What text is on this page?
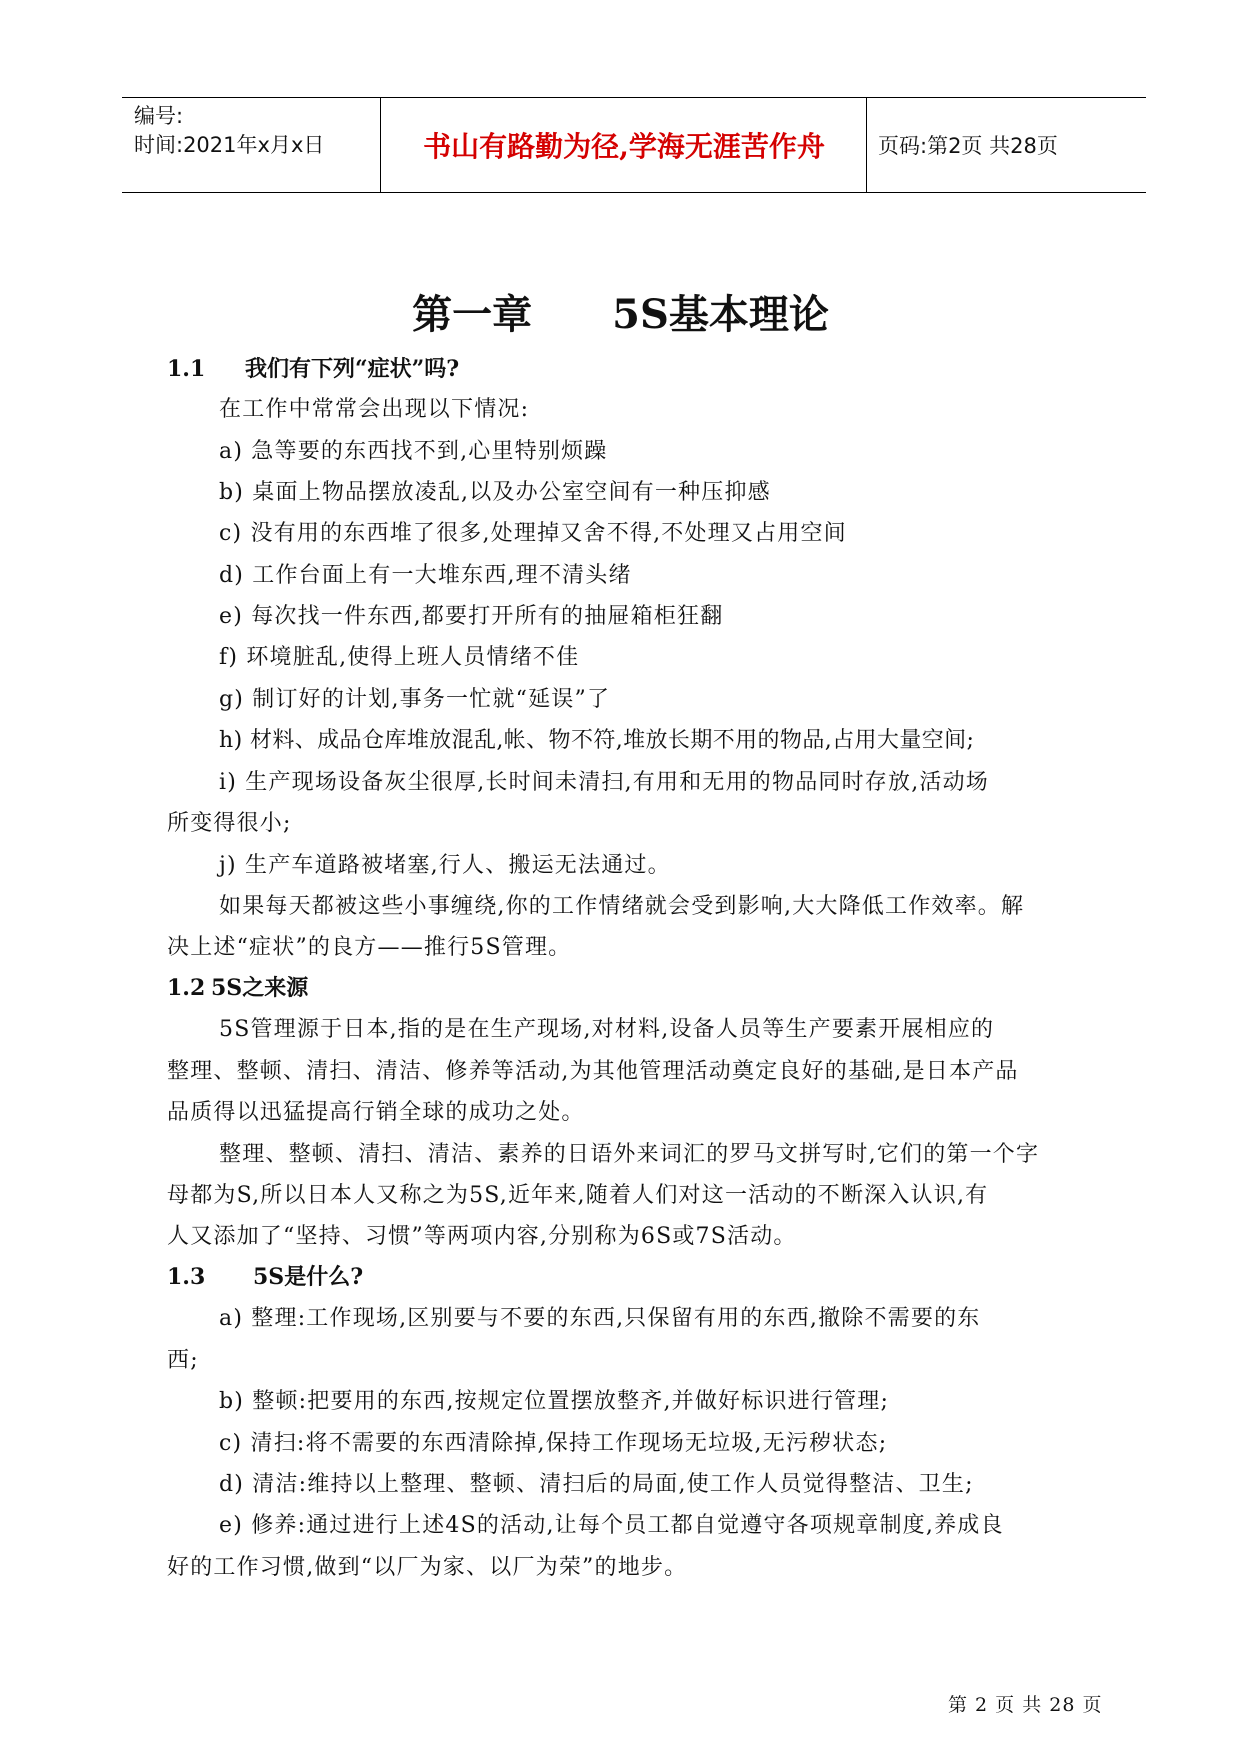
编号:
时间:2021年x月x日	书山有路勤为径,学海无涯苦作舟	页码:第2页 共28页
第一章 5S基本理论
1.1 我们有下列“症状”吗?
在工作中常常会出现以下情况:
a) 急等要的东西找不到,心里特别烦躁
b) 桌面上物品摆放凌乱,以及办公室空间有一种压抑感
c) 没有用的东西堆了很多,处理掉又舍不得,不处理又占用空间
d) 工作台面上有一大堆东西,理不清头绪
e) 每次找一件东西,都要打开所有的抽屉箱柜狂翻
f) 环境脏乱,使得上班人员情绪不佳
g) 制订好的计划,事务一忙就“延误”了
h) 材料、成品仓库堆放混乱,帐、物不符,堆放长期不用的物品,占用大量空间;
i) 生产现场设备灰尘很厚,长时间未清扫,有用和无用的物品同时存放,活动场
所变得很小;
j) 生产车道路被堵塞,行人、搬运无法通过。
如果每天都被这些小事缠绕,你的工作情绪就会受到影响,大大降低工作效率。解
决上述“症状”的良方——推行5S管理。
1.2 5S之来源
5S管理源于日本,指的是在生产现场,对材料,设备人员等生产要素开展相应的
整理、整顿、清扫、清洁、修养等活动,为其他管理活动奠定良好的基础,是日本产品
品质得以迅猛提高行销全球的成功之处。
整理、整顿、清扫、清洁、素养的日语外来词汇的罗马文拼写时,它们的第一个字
母都为S,所以日本人又称之为5S,近年来,随着人们对这一活动的不断深入认识,有
人又添加了“坚持、习惯”等两项内容,分别称为6S或7S活动。
1.3 5S是什么?
a) 整理:工作现场,区别要与不要的东西,只保留有用的东西,撤除不需要的东
西;
b) 整顿:把要用的东西,按规定位置摆放整齐,并做好标识进行管理;
c) 清扫:将不需要的东西清除掉,保持工作现场无垃圾,无污秽状态;
d) 清洁:维持以上整理、整顿、清扫后的局面,使工作人员觉得整洁、卫生;
e) 修养:通过进行上述4S的活动,让每个员工都自觉遵守各项规章制度,养成良
好的工作习惯,做到“以厂为家、以厂为荣”的地步。
第 2 页 共 28 页
